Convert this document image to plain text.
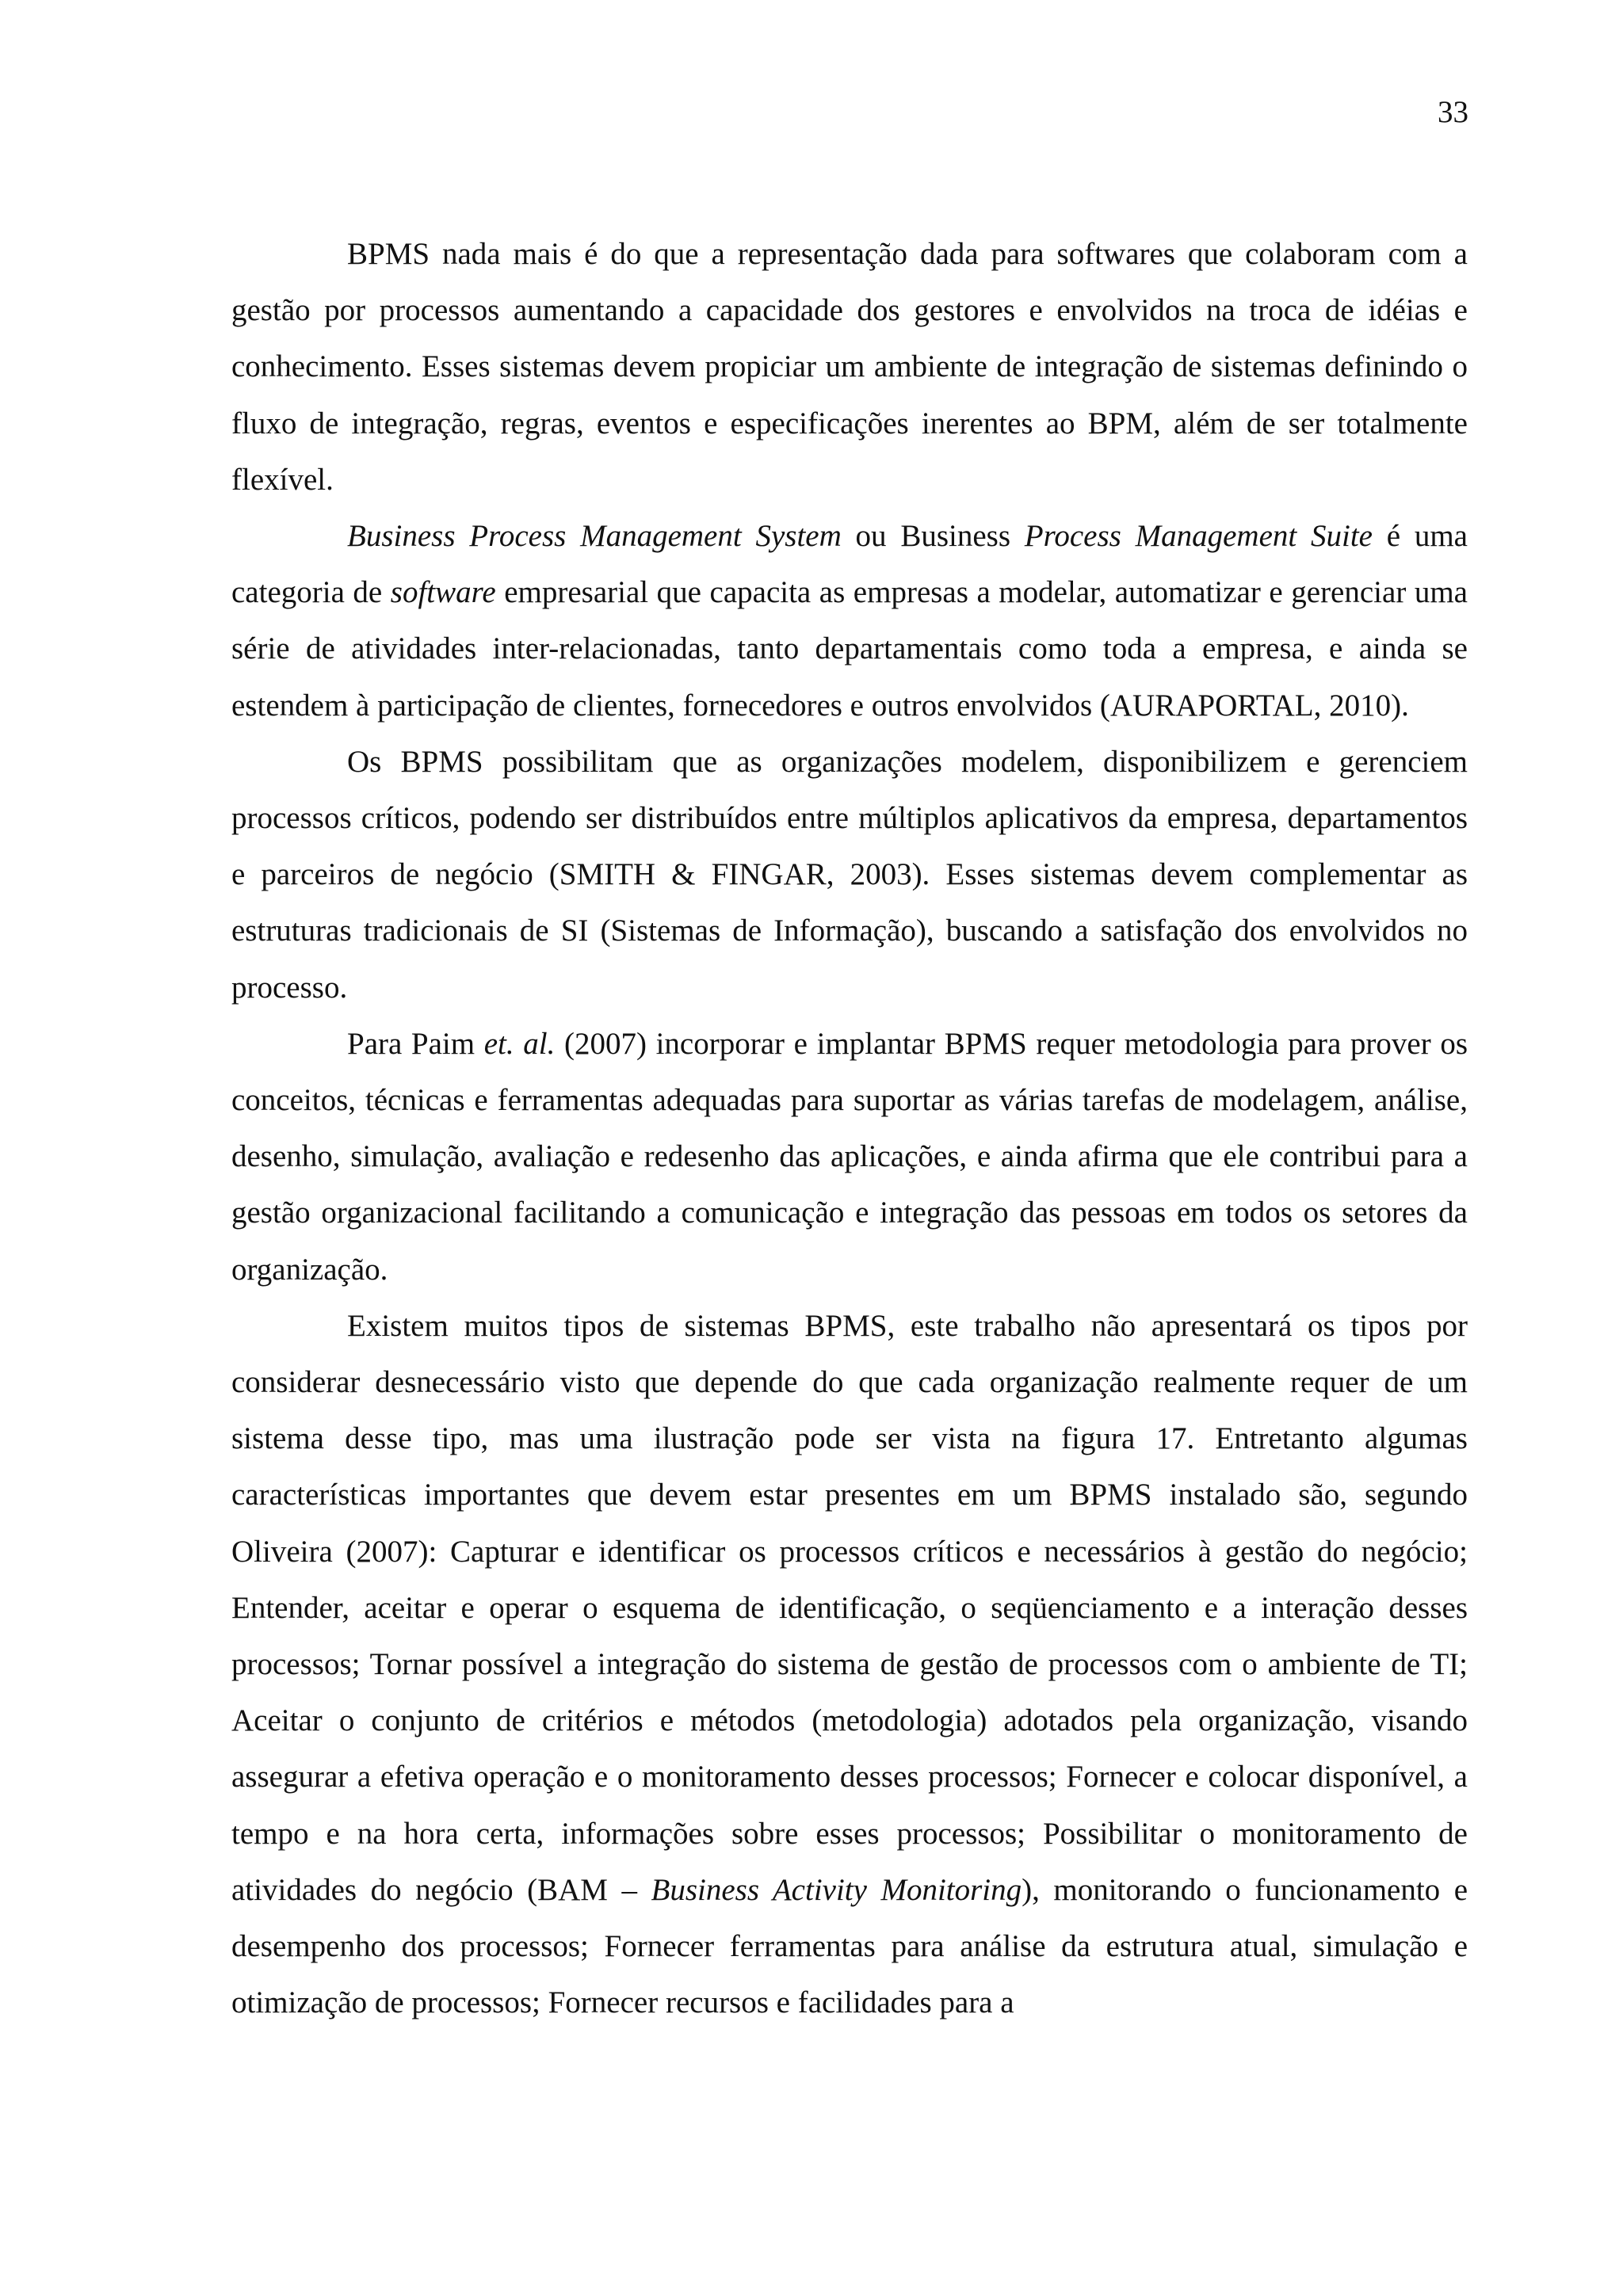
33

BPMS nada mais é do que a representação dada para softwares que colaboram com a gestão por processos aumentando a capacidade dos gestores e envolvidos na troca de idéias e conhecimento. Esses sistemas devem propiciar um ambiente de integração de sistemas definindo o fluxo de integração, regras, eventos e especificações inerentes ao BPM, além de ser totalmente flexível.

Business Process Management System ou Business Process Management Suite é uma categoria de software empresarial que capacita as empresas a modelar, automatizar e gerenciar uma série de atividades inter-relacionadas, tanto departamentais como toda a empresa, e ainda se estendem à participação de clientes, fornecedores e outros envolvidos (AURAPORTAL, 2010).

Os BPMS possibilitam que as organizações modelem, disponibilizem e gerenciem processos críticos, podendo ser distribuídos entre múltiplos aplicativos da empresa, departamentos e parceiros de negócio (SMITH & FINGAR, 2003). Esses sistemas devem complementar as estruturas tradicionais de SI (Sistemas de Informação), buscando a satisfação dos envolvidos no processo.

Para Paim et. al. (2007) incorporar e implantar BPMS requer metodologia para prover os conceitos, técnicas e ferramentas adequadas para suportar as várias tarefas de modelagem, análise, desenho, simulação, avaliação e redesenho das aplicações, e ainda afirma que ele contribui para a gestão organizacional facilitando a comunicação e integração das pessoas em todos os setores da organização.

Existem muitos tipos de sistemas BPMS, este trabalho não apresentará os tipos por considerar desnecessário visto que depende do que cada organização realmente requer de um sistema desse tipo, mas uma ilustração pode ser vista na figura 17. Entretanto algumas características importantes que devem estar presentes em um BPMS instalado são, segundo Oliveira (2007): Capturar e identificar os processos críticos e necessários à gestão do negócio; Entender, aceitar e operar o esquema de identificação, o seqüenciamento e a interação desses processos; Tornar possível a integração do sistema de gestão de processos com o ambiente de TI; Aceitar o conjunto de critérios e métodos (metodologia) adotados pela organização, visando assegurar a efetiva operação e o monitoramento desses processos; Fornecer e colocar disponível, a tempo e na hora certa, informações sobre esses processos; Possibilitar o monitoramento de atividades do negócio (BAM – Business Activity Monitoring), monitorando o funcionamento e desempenho dos processos; Fornecer ferramentas para análise da estrutura atual, simulação e otimização de processos; Fornecer recursos e facilidades para a
